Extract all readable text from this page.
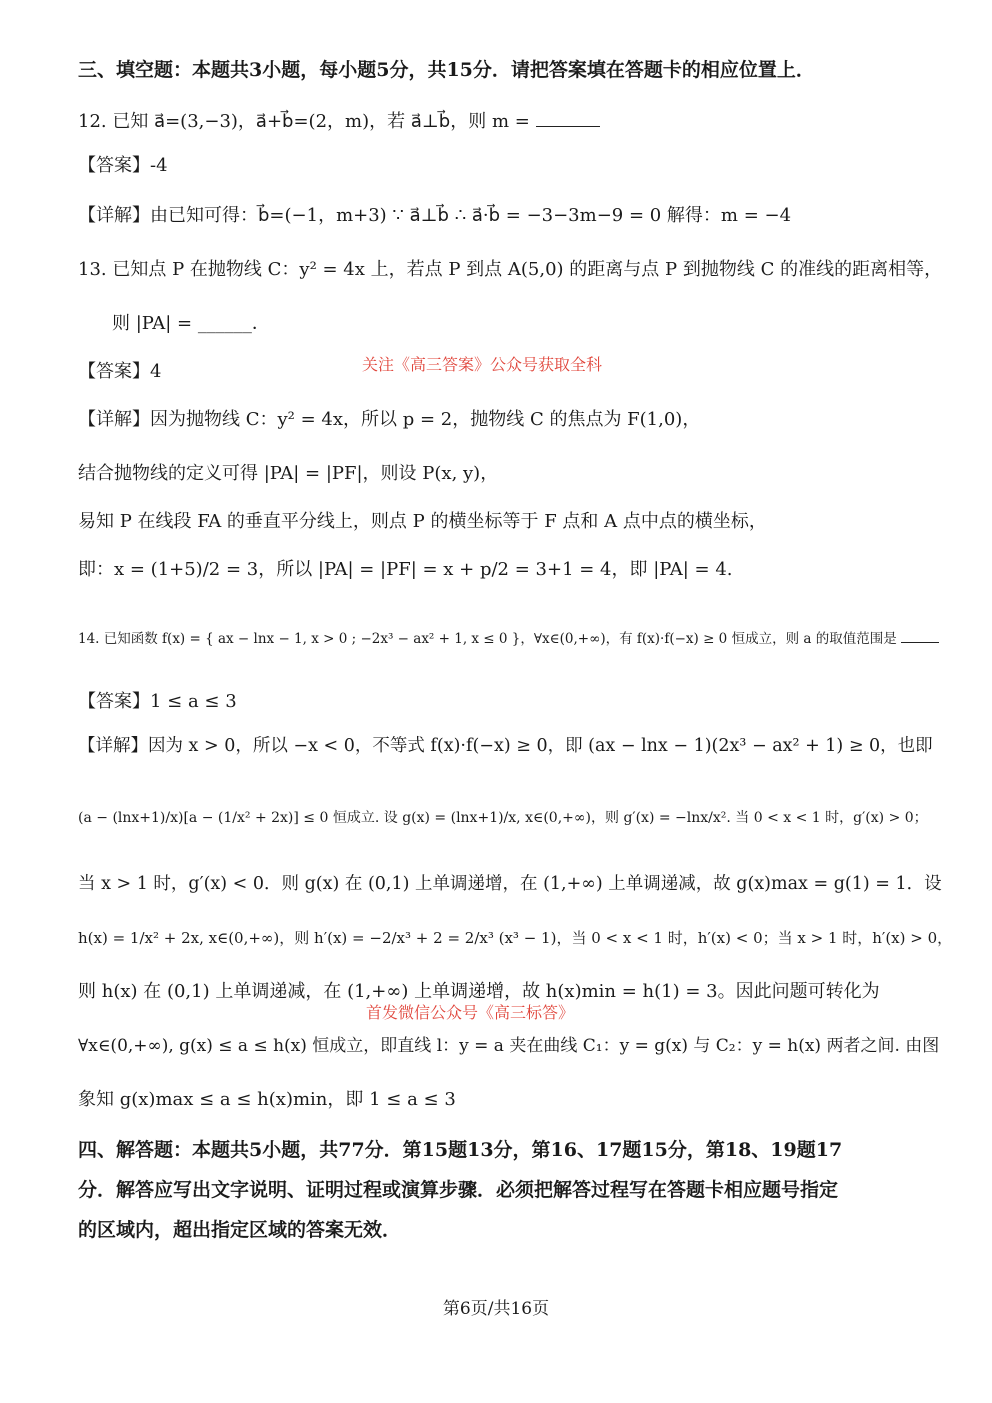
三、填空题：本题共3小题，每小题5分，共15分．请把答案填在答题卡的相应位置上．
12. 已知 a⃗=(3,−3)，a⃗+b⃗=(2，m)，若 a⃗⊥b⃗，则 m =
【答案】-4
【详解】由已知可得：b⃗=(−1，m+3) ∵ a⃗⊥b⃗ ∴ a⃗·b⃗ = −3−3m−9 = 0 解得：m = −4
13. 已知点 P 在抛物线 C：y² = 4x 上，若点 P 到点 A(5,0) 的距离与点 P 到抛物线 C 的准线的距离相等，
则 |PA| = ______．
【答案】4	关注《高三答案》公众号获取全科
【详解】因为抛物线 C：y² = 4x，所以 p = 2，抛物线 C 的焦点为 F(1,0)，
结合抛物线的定义可得 |PA| = |PF|，则设 P(x, y)，
易知 P 在线段 FA 的垂直平分线上，则点 P 的横坐标等于 F 点和 A 点中点的横坐标，
即：x = (1+5)/2 = 3，所以 |PA| = |PF| = x + p/2 = 3+1 = 4，即 |PA| = 4.
14. 已知函数 f(x) = { ax − lnx − 1, x > 0 ; −2x³ − ax² + 1, x ≤ 0 }，∀x∈(0,+∞)，有 f(x)·f(−x) ≥ 0 恒成立，则 a 的取值范围是
【答案】1 ≤ a ≤ 3
【详解】因为 x > 0，所以 −x < 0，不等式 f(x)·f(−x) ≥ 0，即 (ax − lnx − 1)(2x³ − ax² + 1) ≥ 0，也即
(a − (lnx+1)/x)[a − (1/x² + 2x)] ≤ 0 恒成立. 设 g(x) = (lnx+1)/x, x∈(0,+∞)，则 g′(x) = −lnx/x². 当 0 < x < 1 时，g′(x) > 0；
当 x > 1 时，g′(x) < 0．则 g(x) 在 (0,1) 上单调递增，在 (1,+∞) 上单调递减，故 g(x)max = g(1) = 1．设
h(x) = 1/x² + 2x, x∈(0,+∞)，则 h′(x) = −2/x³ + 2 = 2/x³ (x³ − 1)，当 0 < x < 1 时，h′(x) < 0；当 x > 1 时，h′(x) > 0，
则 h(x) 在 (0,1) 上单调递减，在 (1,+∞) 上单调递增，故 h(x)min = h(1) = 3。因此问题可转化为
首发微信公众号《高三标答》
∀x∈(0,+∞), g(x) ≤ a ≤ h(x) 恒成立，即直线 l：y = a 夹在曲线 C₁：y = g(x) 与 C₂：y = h(x) 两者之间. 由图
象知 g(x)max ≤ a ≤ h(x)min，即 1 ≤ a ≤ 3
四、解答题：本题共5小题，共77分．第15题13分，第16、17题15分，第18、19题17
分．解答应写出文字说明、证明过程或演算步骤．必须把解答过程写在答题卡相应题号指定
的区域内，超出指定区域的答案无效．
第6页/共16页
